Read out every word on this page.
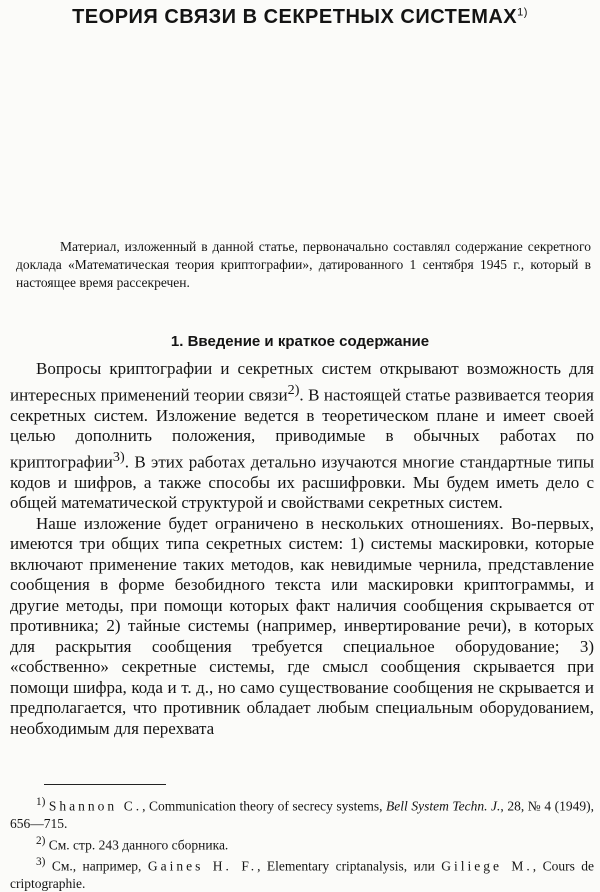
ТЕОРИЯ СВЯЗИ В СЕКРЕТНЫХ СИСТЕМАХ$^{1)}$
Материал, изложенный в данной статье, первоначально составлял содержание секретного доклада «Математическая теория криптографии», датированного 1 сентября 1945 г., который в настоящее время рассекречен.
1. Введение и краткое содержание

Вопросы криптографии и секретных систем открывают возможность для интересных применений теории связи$^{2)}$. В настоящей статье развивается теория секретных систем. Изложение ведется в теоретическом плане и имеет своей целью дополнить положения, приводимые в обычных работах по криптографии$^{3)}$. В этих работах детально изучаются многие стандартные типы кодов и шифров, а также способы их расшифровки. Мы будем иметь дело с общей математической структурой и свойствами секретных систем.

Наше изложение будет ограничено в нескольких отношениях. Во-первых, имеются три общих типа секретных систем: 1) системы маскировки, которые включают применение таких методов, как невидимые чернила, представление сообщения в форме безобидного текста или маскировки криптограммы, и другие методы, при помощи которых факт наличия сообщения скрывается от противника; 2) тайные системы (например, инвертирование речи), в которых для раскрытия сообщения требуется специальное оборудование; 3) «собственно» секретные системы, где смысл сообщения скрывается при помощи шифра, кода и т. д., но само существование сообщения не скрывается и предполагается, что противник обладает любым специальным оборудованием, необходимым для перехвата

$^{1)}$ Shannon C., Communication theory of secrecy systems, Bell System Techn. J., 28, № 4 (1949), 656—715.

$^{2)}$ См. стр. 243 данного сборника.

$^{3)}$ См., например, Gaines H. F., Elementary criptanalysis, или Giliege M., Cours de criptographie.
